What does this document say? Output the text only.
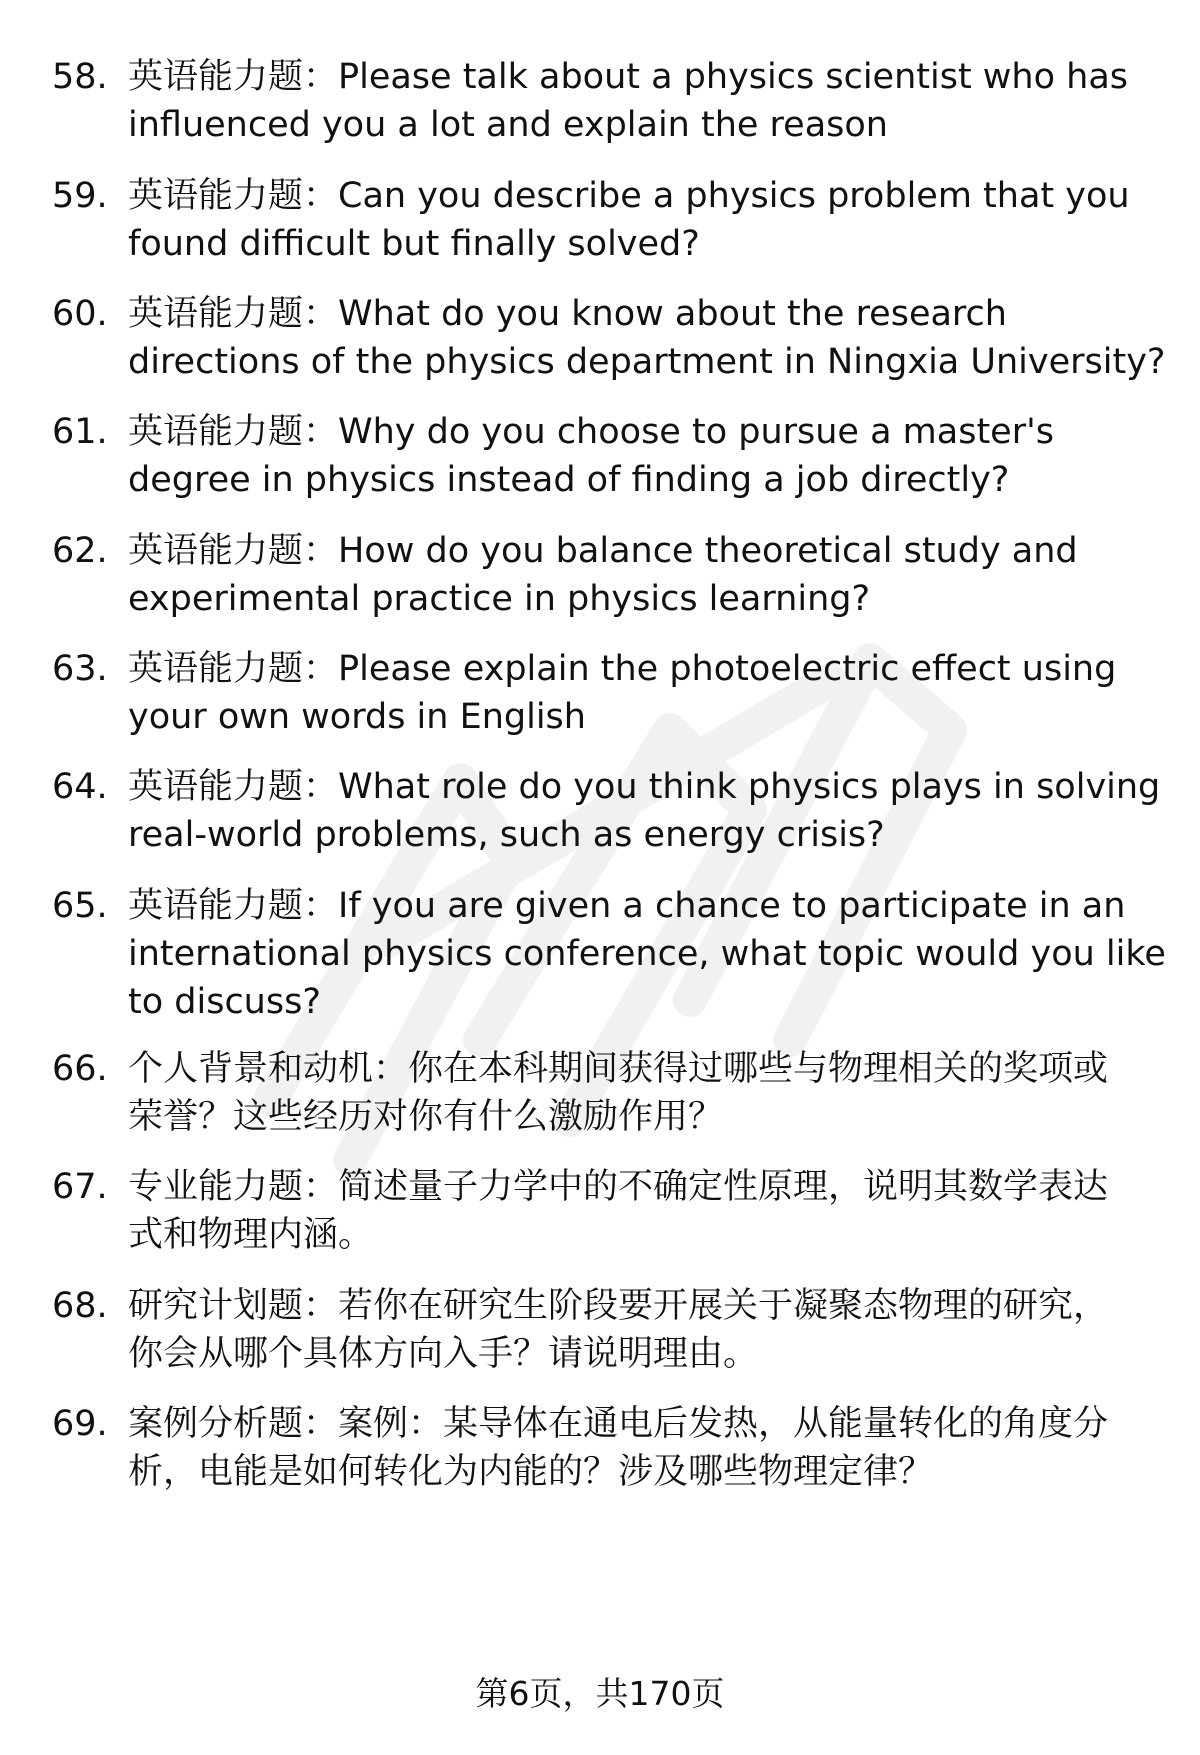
58. 英语能力题：Please talk about a physics scientist who has
influenced you a lot and explain the reason
59. 英语能力题：Can you describe a physics problem that you
found difficult but finally solved?
60. 英语能力题：What do you know about the research
directions of the physics department in Ningxia University?
61. 英语能力题：Why do you choose to pursue a master's
degree in physics instead of finding a job directly?
62. 英语能力题：How do you balance theoretical study and
experimental practice in physics learning?
63. 英语能力题：Please explain the photoelectric effect using
your own words in English
64. 英语能力题：What role do you think physics plays in solving
real-world problems, such as energy crisis?
65. 英语能力题：If you are given a chance to participate in an
international physics conference, what topic would you like
to discuss?
66. 个人背景和动机：你在本科期间获得过哪些与物理相关的奖项或
荣誉？这些经历对你有什么激励作用？
67. 专业能力题：简述量子力学中的不确定性原理，说明其数学表达
式和物理内涵。
68. 研究计划题：若你在研究生阶段要开展关于凝聚态物理的研究，
你会从哪个具体方向入手？请说明理由。
69. 案例分析题：案例：某导体在通电后发热，从能量转化的角度分
析，电能是如何转化为内能的？涉及哪些物理定律？
第6页，共170页
